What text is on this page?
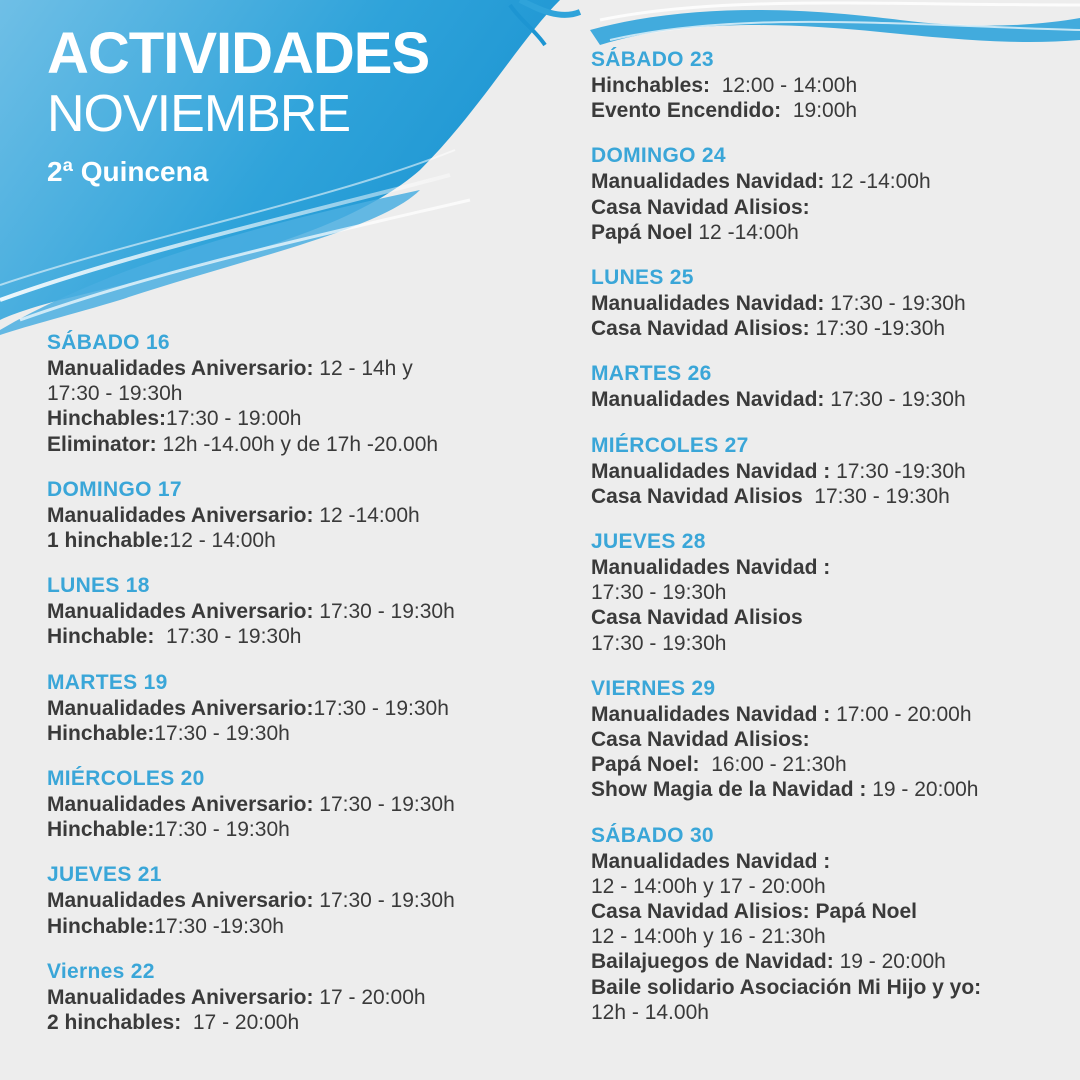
ACTIVIDADES
NOVIEMBRE
2ª Quincena
SÁBADO 16
Manualidades Aniversario: 12 - 14h y
17:30 - 19:30h
Hinchables:17:30 - 19:00h
Eliminator: 12h -14.00h y de 17h -20.00h
DOMINGO 17
Manualidades Aniversario: 12 -14:00h
1 hinchable:12 - 14:00h
LUNES 18
Manualidades Aniversario: 17:30 - 19:30h
Hinchable:  17:30 - 19:30h
MARTES 19
Manualidades Aniversario:17:30 - 19:30h
Hinchable:17:30 - 19:30h
MIÉRCOLES 20
Manualidades Aniversario: 17:30 - 19:30h
Hinchable:17:30 - 19:30h
JUEVES 21
Manualidades Aniversario: 17:30 - 19:30h
Hinchable:17:30 -19:30h
Viernes 22
Manualidades Aniversario: 17 - 20:00h
2 hinchables:  17 - 20:00h
SÁBADO 23
Hinchables:  12:00 - 14:00h
Evento Encendido:  19:00h
DOMINGO 24
Manualidades Navidad: 12 -14:00h
Casa Navidad Alisios:
Papá Noel 12 -14:00h
LUNES 25
Manualidades Navidad: 17:30 - 19:30h
Casa Navidad Alisios: 17:30 -19:30h
MARTES 26
Manualidades Navidad: 17:30 - 19:30h
MIÉRCOLES 27
Manualidades Navidad : 17:30 -19:30h
Casa Navidad Alisios  17:30 - 19:30h
JUEVES 28
Manualidades Navidad :
17:30 - 19:30h
Casa Navidad Alisios
17:30 - 19:30h
VIERNES 29
Manualidades Navidad : 17:00 - 20:00h
Casa Navidad Alisios:
Papá Noel:  16:00 - 21:30h
Show Magia de la Navidad : 19 - 20:00h
SÁBADO 30
Manualidades Navidad :
12 - 14:00h y 17 - 20:00h
Casa Navidad Alisios: Papá Noel
12 - 14:00h y 16 - 21:30h
Bailajuegos de Navidad: 19 - 20:00h
Baile solidario Asociación Mi Hijo y yo:
12h - 14.00h
